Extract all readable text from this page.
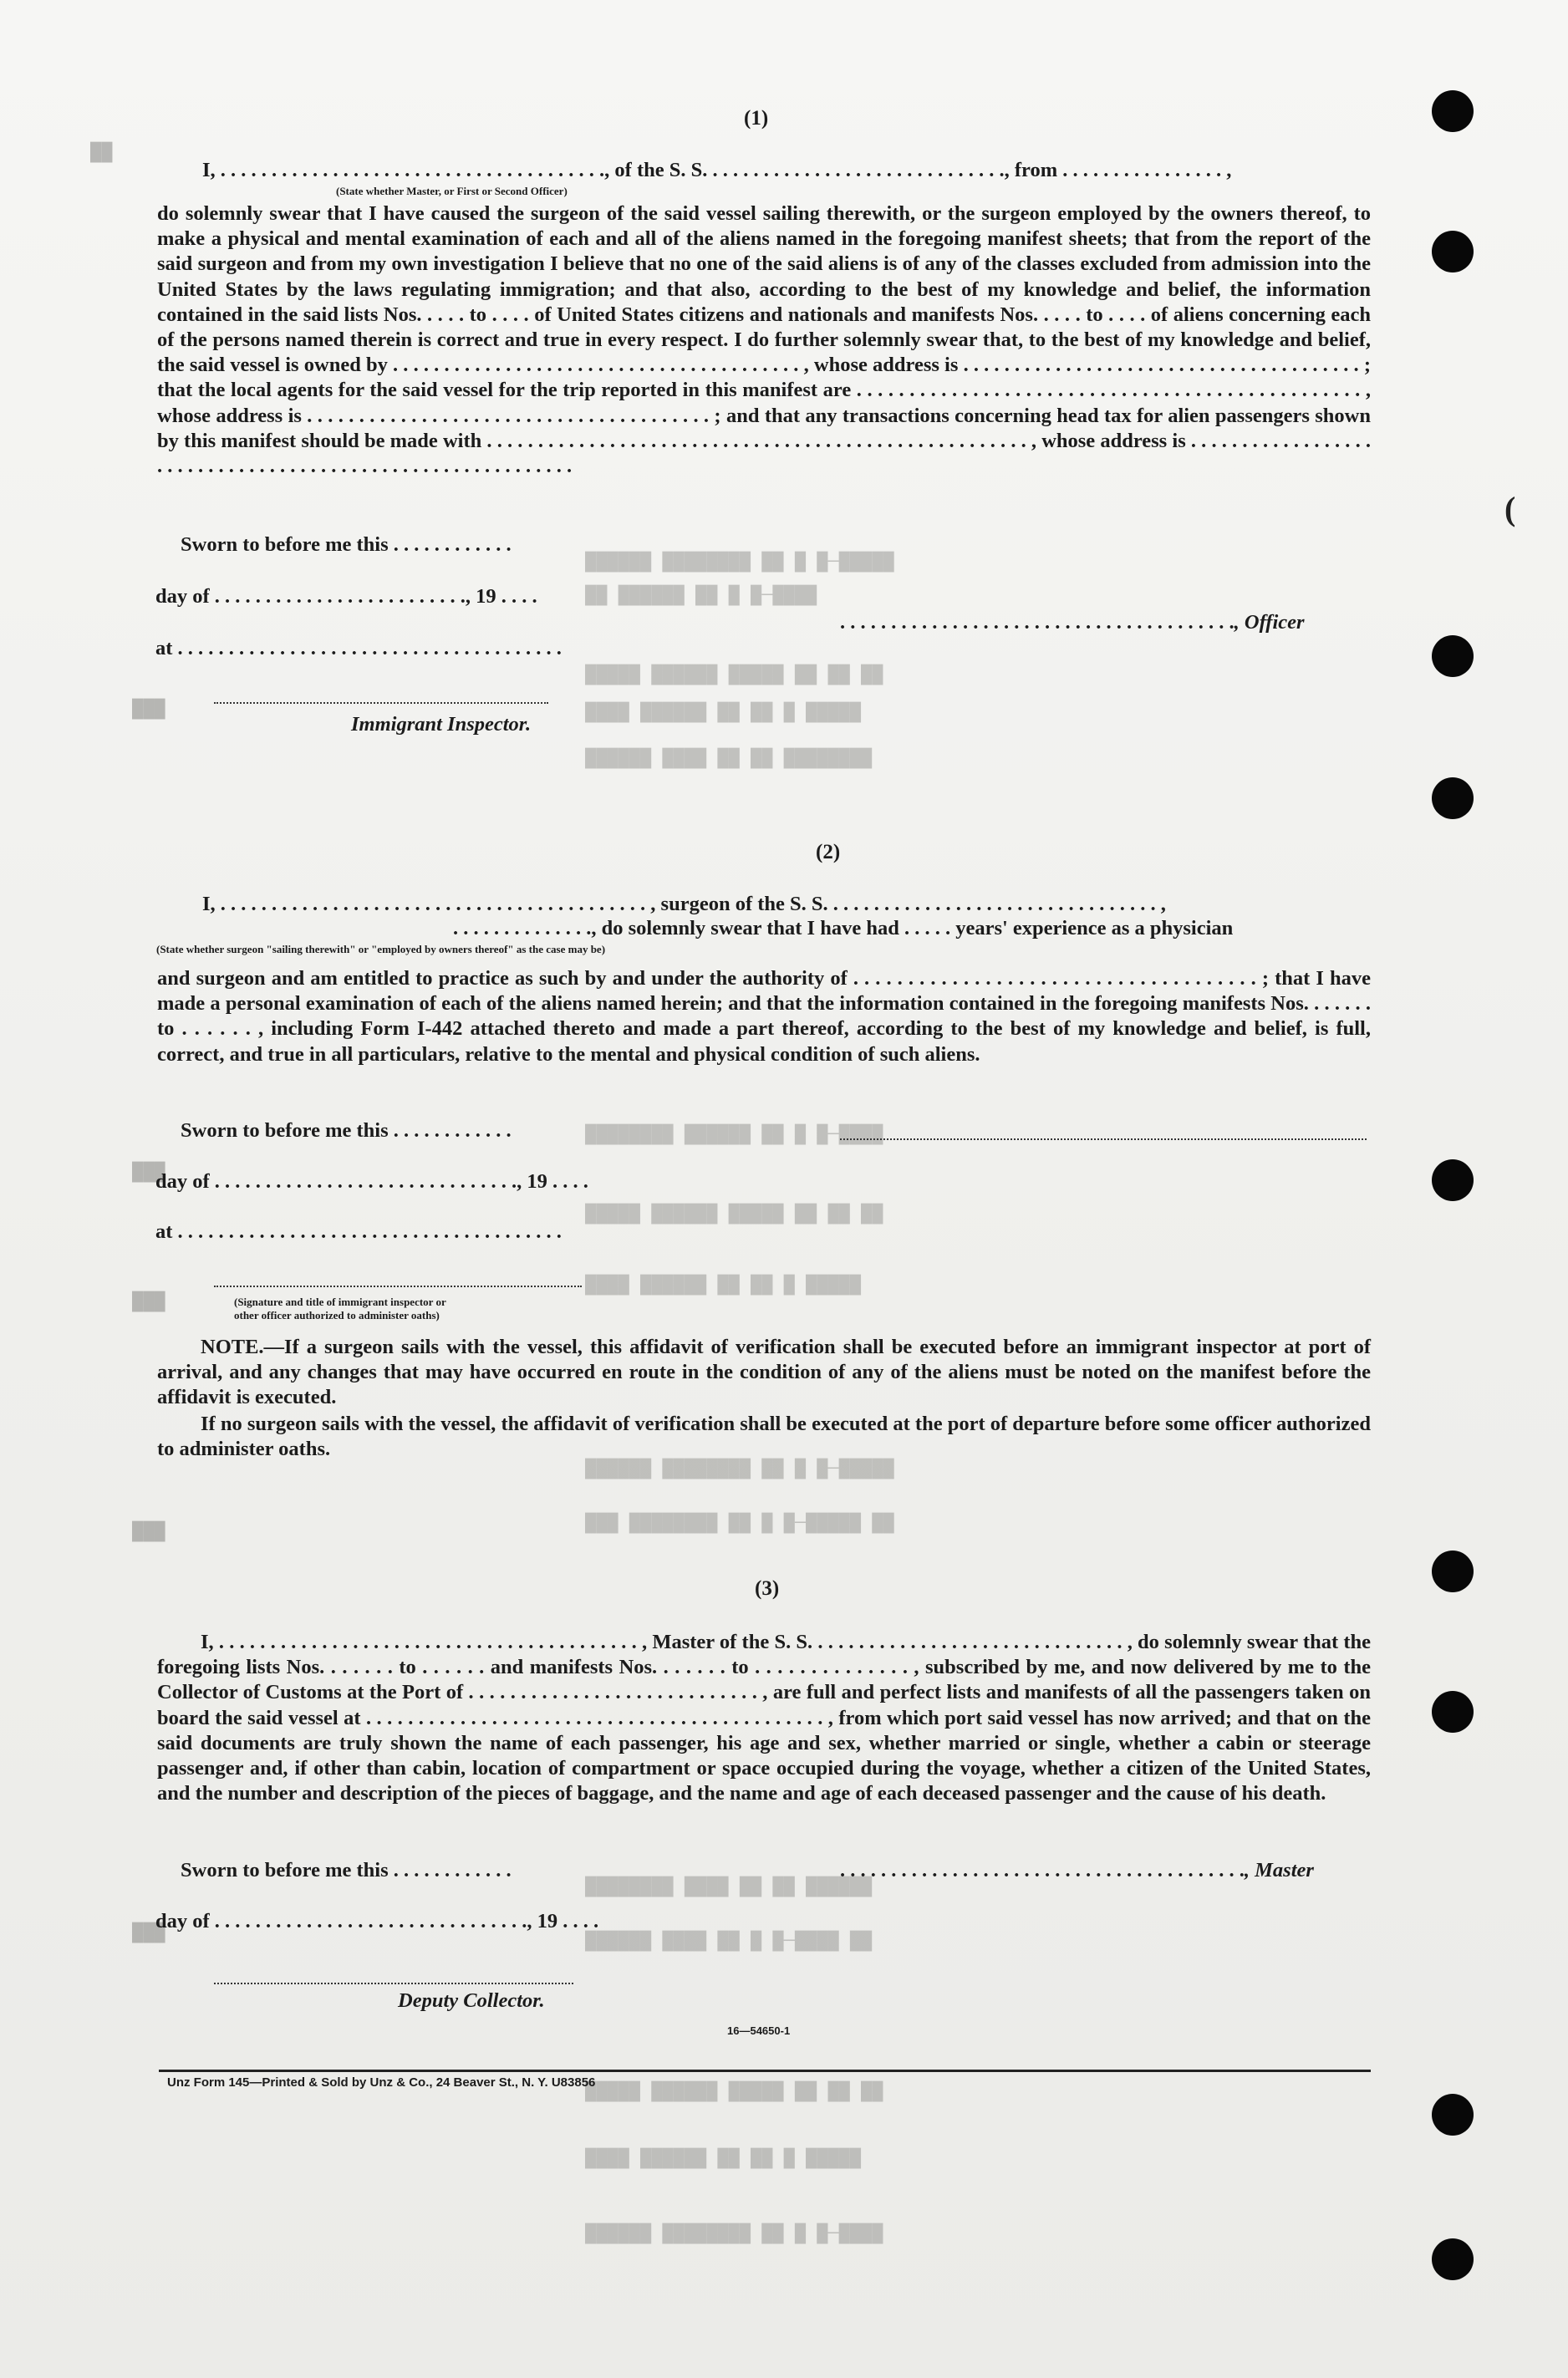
██████ ████████ ██ █ █─█████
██ ██████ ██ █ █─████
█████ ██████ █████ ██ ██ ██
████ ██████ ██ ██ █ █████
██████ ████ ██ ██ ████████
████████ ██████ ██ █ █─████
█████ ██████ █████ ██ ██ ██
████ ██████ ██ ██ █ █████
██████ ████████ ██ █ █─█████
███ ████████ ██ █ █─█████ ██
████████ ████ ██ ██ ██████
██████ ████ ██ █ █─████ ██
█████ ██████ █████ ██ ██ ██
████ ██████ ██ ██ █ █████
██████ ████████ ██ █ █─████
██
███
███
███
███
███
(
(1)
I, . . . . . . . . . . . . . . . . . . . . . . . . . . . . . . . . . . . . . ., of the S. S. . . . . . . . . . . . . . . . . . . . . . . . . . . . . ., from . . . . . . . . . . . . . . . . ,
(State whether Master, or First or Second Officer)
do solemnly swear that I have caused the surgeon of the said vessel sailing therewith, or the surgeon employed by the owners thereof, to make a physical and mental examination of each and all of the aliens named in the foregoing manifest sheets; that from the report of the said surgeon and from my own investigation I believe that no one of the said aliens is of any of the classes excluded from admission into the United States by the laws regulating immigration; and that also, according to the best of my knowledge and belief, the information contained in the said lists Nos. . . . . to . . . . of United States citizens and nationals and manifests Nos. . . . . to . . . . of aliens concerning each of the persons named therein is correct and true in every respect. I do further solemnly swear that, to the best of my knowledge and belief, the said vessel is owned by . . . . . . . . . . . . . . . . . . . . . . . . . . . . . . . . . . . . . . . . , whose address is . . . . . . . . . . . . . . . . . . . . . . . . . . . . . . . . . . . . . . . ; that the local agents for the said vessel for the trip reported in this manifest are . . . . . . . . . . . . . . . . . . . . . . . . . . . . . . . . . . . . . . . . . . . . . . . . , whose address is . . . . . . . . . . . . . . . . . . . . . . . . . . . . . . . . . . . . . . . ; and that any transactions concerning head tax for alien passengers shown by this manifest should be made with . . . . . . . . . . . . . . . . . . . . . . . . . . . . . . . . . . . . . . . . . . . . . . . . . . . . . , whose address is . . . . . . . . . . . . . . . . . . . . . . . . . . . . . . . . . . . . . . . . . . . . . . . . . . . . . . . . . . .
Sworn to before me this . . . . . . . . . . . .
day of . . . . . . . . . . . . . . . . . . . . . . . . ., 19 . . . .
. . . . . . . . . . . . . . . . . . . . . . . . . . . . . . . . . . . . . . ., Officer
at . . . . . . . . . . . . . . . . . . . . . . . . . . . . . . . . . . . . . .
Immigrant Inspector.
(2)
I, . . . . . . . . . . . . . . . . . . . . . . . . . . . . . . . . . . . . . . . . . . , surgeon of the S. S. . . . . . . . . . . . . . . . . . . . . . . . . . . . . . . . . ,
. . . . . . . . . . . . . ., do solemnly swear that I have had . . . . . years' experience as a physician
(State whether surgeon "sailing therewith" or "employed by owners thereof" as the case may be)
and surgeon and am entitled to practice as such by and under the authority of . . . . . . . . . . . . . . . . . . . . . . . . . . . . . . . . . . . . . ; that I have made a personal examination of each of the aliens named herein; and that the information contained in the foregoing manifests Nos. . . . . . . to . . . . . . , including Form I-442 attached thereto and made a part thereof, according to the best of my knowledge and belief, is full, correct, and true in all particulars, relative to the mental and physical condition of such aliens.
Sworn to before me this . . . . . . . . . . . .
day of . . . . . . . . . . . . . . . . . . . . . . . . . . . . . ., 19 . . . .
at . . . . . . . . . . . . . . . . . . . . . . . . . . . . . . . . . . . . . .
(Signature and title of immigrant inspector or
other officer authorized to administer oaths)
NOTE.—If a surgeon sails with the vessel, this affidavit of verification shall be executed before an immigrant inspector at port of arrival, and any changes that may have occurred en route in the condition of any of the aliens must be noted on the manifest before the affidavit is executed.
If no surgeon sails with the vessel, the affidavit of verification shall be executed at the port of departure before some officer authorized to administer oaths.
(3)
I, . . . . . . . . . . . . . . . . . . . . . . . . . . . . . . . . . . . . . . . . . , Master of the S. S. . . . . . . . . . . . . . . . . . . . . . . . . . . . . . . , do solemnly swear that the foregoing lists Nos. . . . . . . to . . . . . . and manifests Nos. . . . . . . to . . . . . . . . . . . . . . , subscribed by me, and now delivered by me to the Collector of Customs at the Port of . . . . . . . . . . . . . . . . . . . . . . . . . . . . , are full and perfect lists and manifests of all the passengers taken on board the said vessel at . . . . . . . . . . . . . . . . . . . . . . . . . . . . . . . . . . . . . . . . . . . . , from which port said vessel has now arrived; and that on the said documents are truly shown the name of each passenger, his age and sex, whether married or single, whether a cabin or steerage passenger and, if other than cabin, location of compartment or space occupied during the voyage, whether a citizen of the United States, and the number and description of the pieces of baggage, and the name and age of each deceased passenger and the cause of his death.
Sworn to before me this . . . . . . . . . . . .	. . . . . . . . . . . . . . . . . . . . . . . . . . . . . . . . . . . . . . . ., Master
day of . . . . . . . . . . . . . . . . . . . . . . . . . . . . . . ., 19 . . . .
Deputy Collector.
16—54650-1
Unz Form 145—Printed & Sold by Unz & Co., 24 Beaver St., N. Y. U83856
